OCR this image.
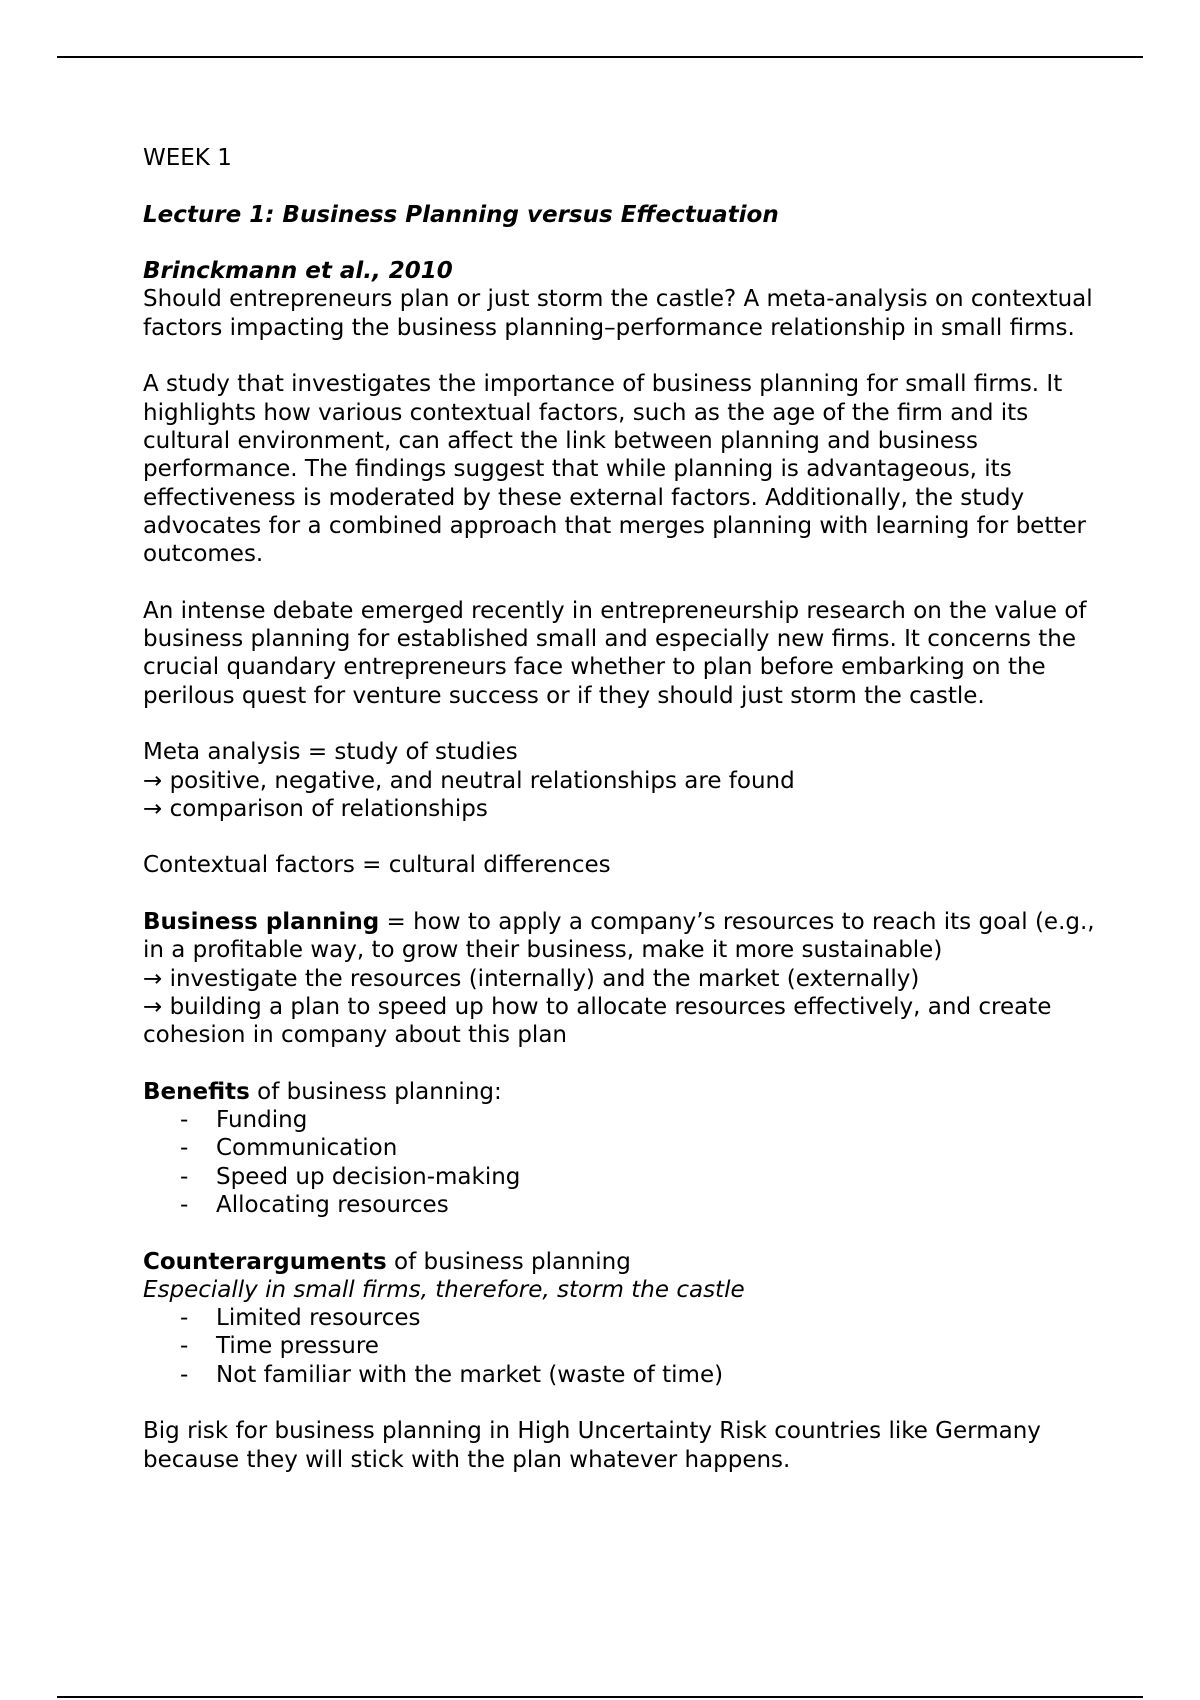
WEEK 1

Lecture 1: Business Planning versus Effectuation

Brinckmann et al., 2010
Should entrepreneurs plan or just storm the castle? A meta-analysis on contextual factors impacting the business planning–performance relationship in small firms.

A study that investigates the importance of business planning for small firms. It highlights how various contextual factors, such as the age of the firm and its cultural environment, can affect the link between planning and business performance. The findings suggest that while planning is advantageous, its effectiveness is moderated by these external factors. Additionally, the study advocates for a combined approach that merges planning with learning for better outcomes.

An intense debate emerged recently in entrepreneurship research on the value of business planning for established small and especially new firms. It concerns the crucial quandary entrepreneurs face whether to plan before embarking on the perilous quest for venture success or if they should just storm the castle.

Meta analysis = study of studies
→ positive, negative, and neutral relationships are found
→ comparison of relationships

Contextual factors = cultural differences

Business planning = how to apply a company’s resources to reach its goal (e.g., in a profitable way, to grow their business, make it more sustainable)
→ investigate the resources (internally) and the market (externally)
→ building a plan to speed up how to allocate resources effectively, and create cohesion in company about this plan

Benefits of business planning:
- Funding
- Communication
- Speed up decision-making
- Allocating resources
Counterarguments of business planning
Especially in small firms, therefore, storm the castle
- Limited resources
- Time pressure
- Not familiar with the market (waste of time)

Big risk for business planning in High Uncertainty Risk countries like Germany because they will stick with the plan whatever happens.
